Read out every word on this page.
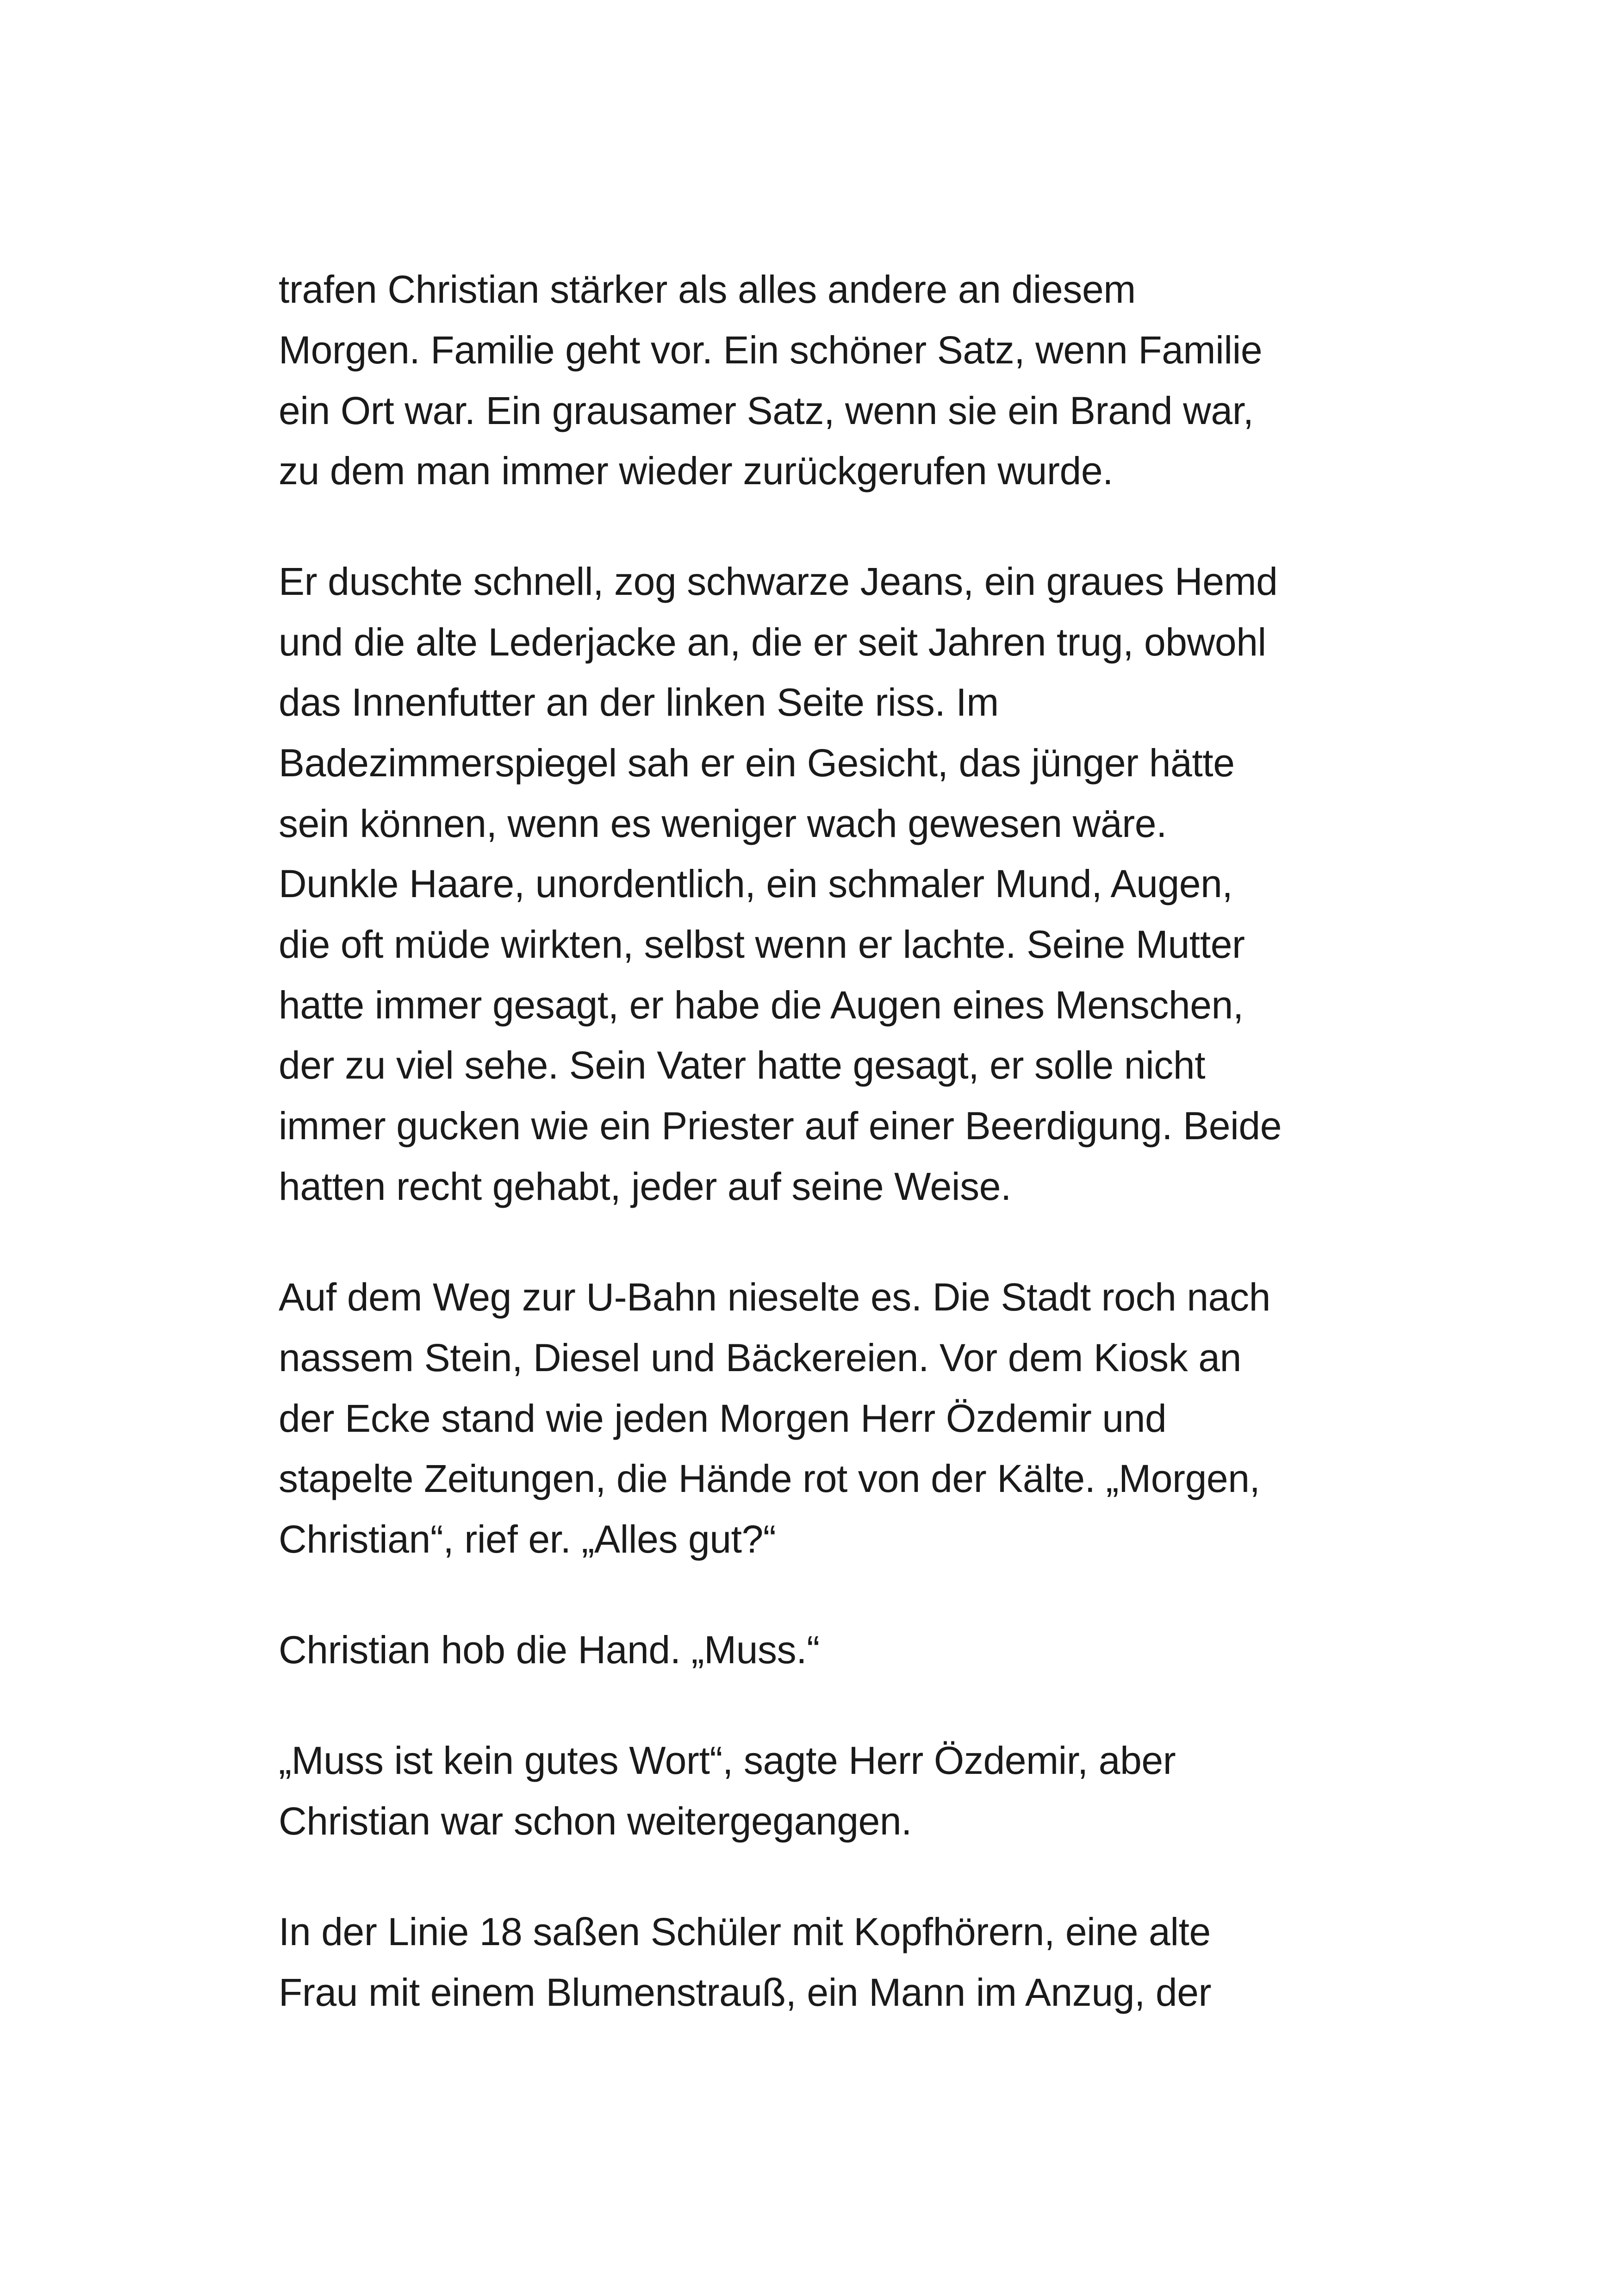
trafen Christian stärker als alles andere an diesem
Morgen. Familie geht vor. Ein schöner Satz, wenn Familie
ein Ort war. Ein grausamer Satz, wenn sie ein Brand war,
zu dem man immer wieder zurückgerufen wurde.
Er duschte schnell, zog schwarze Jeans, ein graues Hemd
und die alte Lederjacke an, die er seit Jahren trug, obwohl
das Innenfutter an der linken Seite riss. Im
Badezimmerspiegel sah er ein Gesicht, das jünger hätte
sein können, wenn es weniger wach gewesen wäre.
Dunkle Haare, unordentlich, ein schmaler Mund, Augen,
die oft müde wirkten, selbst wenn er lachte. Seine Mutter
hatte immer gesagt, er habe die Augen eines Menschen,
der zu viel sehe. Sein Vater hatte gesagt, er solle nicht
immer gucken wie ein Priester auf einer Beerdigung. Beide
hatten recht gehabt, jeder auf seine Weise.
Auf dem Weg zur U-Bahn nieselte es. Die Stadt roch nach
nassem Stein, Diesel und Bäckereien. Vor dem Kiosk an
der Ecke stand wie jeden Morgen Herr Özdemir und
stapelte Zeitungen, die Hände rot von der Kälte. „Morgen,
Christian“, rief er. „Alles gut?“
Christian hob die Hand. „Muss.“
„Muss ist kein gutes Wort“, sagte Herr Özdemir, aber
Christian war schon weitergegangen.
In der Linie 18 saßen Schüler mit Kopfhörern, eine alte
Frau mit einem Blumenstrauß, ein Mann im Anzug, der
